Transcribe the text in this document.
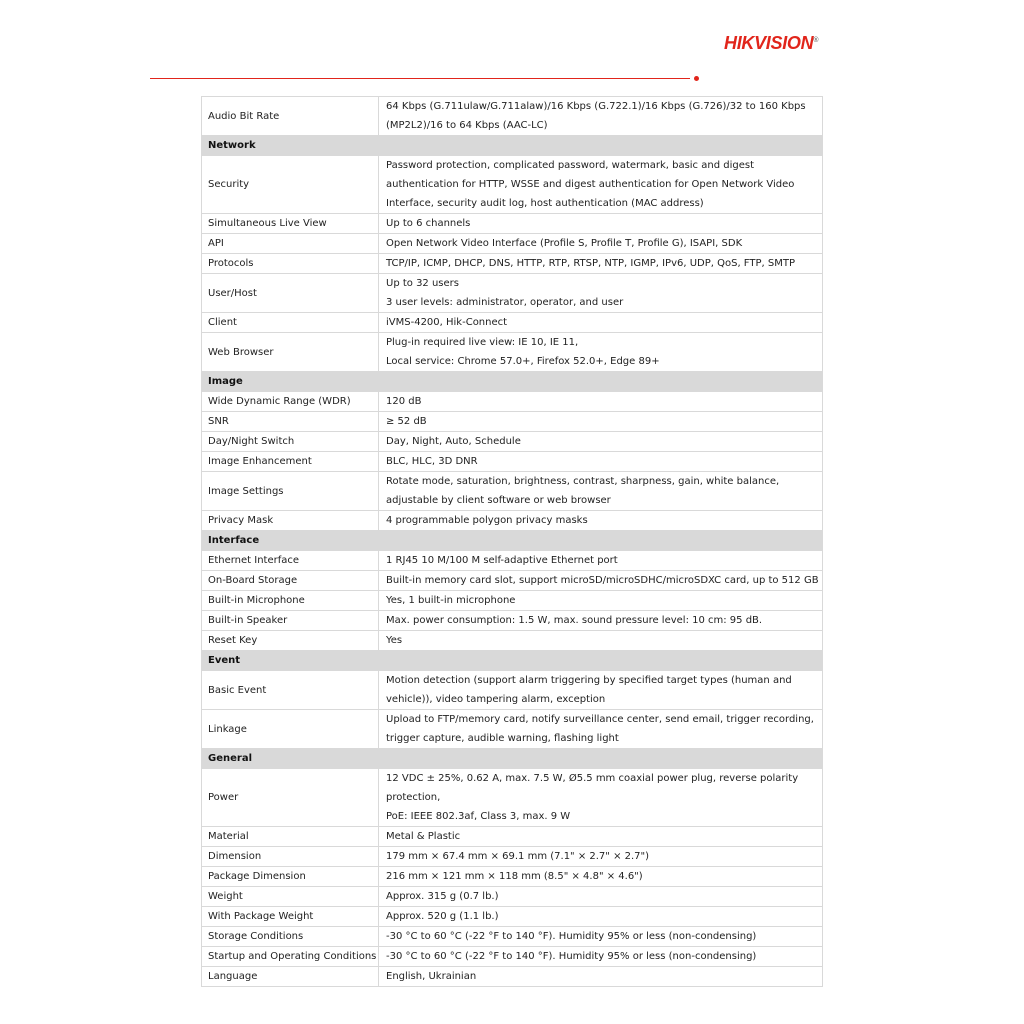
HIKVISION®
Audio Bit Rate	64 Kbps (G.711ulaw/G.711alaw)/16 Kbps (G.722.1)/16 Kbps (G.726)/32 to 160 Kbps
(MP2L2)/16 to 64 Kbps (AAC-LC)

Network	
Security	Password protection, complicated password, watermark, basic and digest
authentication for HTTP, WSSE and digest authentication for Open Network Video
Interface, security audit log, host authentication (MAC address)

Simultaneous Live View	Up to 6 channels

API	Open Network Video Interface (Profile S, Profile T, Profile G), ISAPI, SDK

Protocols	TCP/IP, ICMP, DHCP, DNS, HTTP, RTP, RTSP, NTP, IGMP, IPv6, UDP, QoS, FTP, SMTP

User/Host	Up to 32 users
3 user levels: administrator, operator, and user

Client	iVMS-4200, Hik-Connect

Web Browser	Plug-in required live view: IE 10, IE 11,
Local service: Chrome 57.0+, Firefox 52.0+, Edge 89+

Image	
Wide Dynamic Range (WDR)	120 dB

SNR	≥ 52 dB

Day/Night Switch	Day, Night, Auto, Schedule

Image Enhancement	BLC, HLC, 3D DNR

Image Settings	Rotate mode, saturation, brightness, contrast, sharpness, gain, white balance,
adjustable by client software or web browser

Privacy Mask	4 programmable polygon privacy masks

Interface	
Ethernet Interface	1 RJ45 10 M/100 M self-adaptive Ethernet port

On-Board Storage	Built-in memory card slot, support microSD/microSDHC/microSDXC card, up to 512 GB

Built-in Microphone	Yes, 1 built-in microphone

Built-in Speaker	Max. power consumption: 1.5 W, max. sound pressure level: 10 cm: 95 dB.

Reset Key	Yes

Event	
Basic Event	Motion detection (support alarm triggering by specified target types (human and
vehicle)), video tampering alarm, exception

Linkage	Upload to FTP/memory card, notify surveillance center, send email, trigger recording,
trigger capture, audible warning, flashing light

General	
Power	12 VDC ± 25%, 0.62 A, max. 7.5 W, Ø5.5 mm coaxial power plug, reverse polarity
protection,
PoE: IEEE 802.3af, Class 3, max. 9 W

Material	Metal & Plastic

Dimension	179 mm × 67.4 mm × 69.1 mm (7.1" × 2.7" × 2.7")

Package Dimension	216 mm × 121 mm × 118 mm (8.5" × 4.8" × 4.6")

Weight	Approx. 315 g (0.7 lb.)

With Package Weight	Approx. 520 g (1.1 lb.)

Storage Conditions	-30 °C to 60 °C (-22 °F to 140 °F). Humidity 95% or less (non-condensing)

Startup and Operating Conditions	-30 °C to 60 °C (-22 °F to 140 °F). Humidity 95% or less (non-condensing)

Language	English, Ukrainian
